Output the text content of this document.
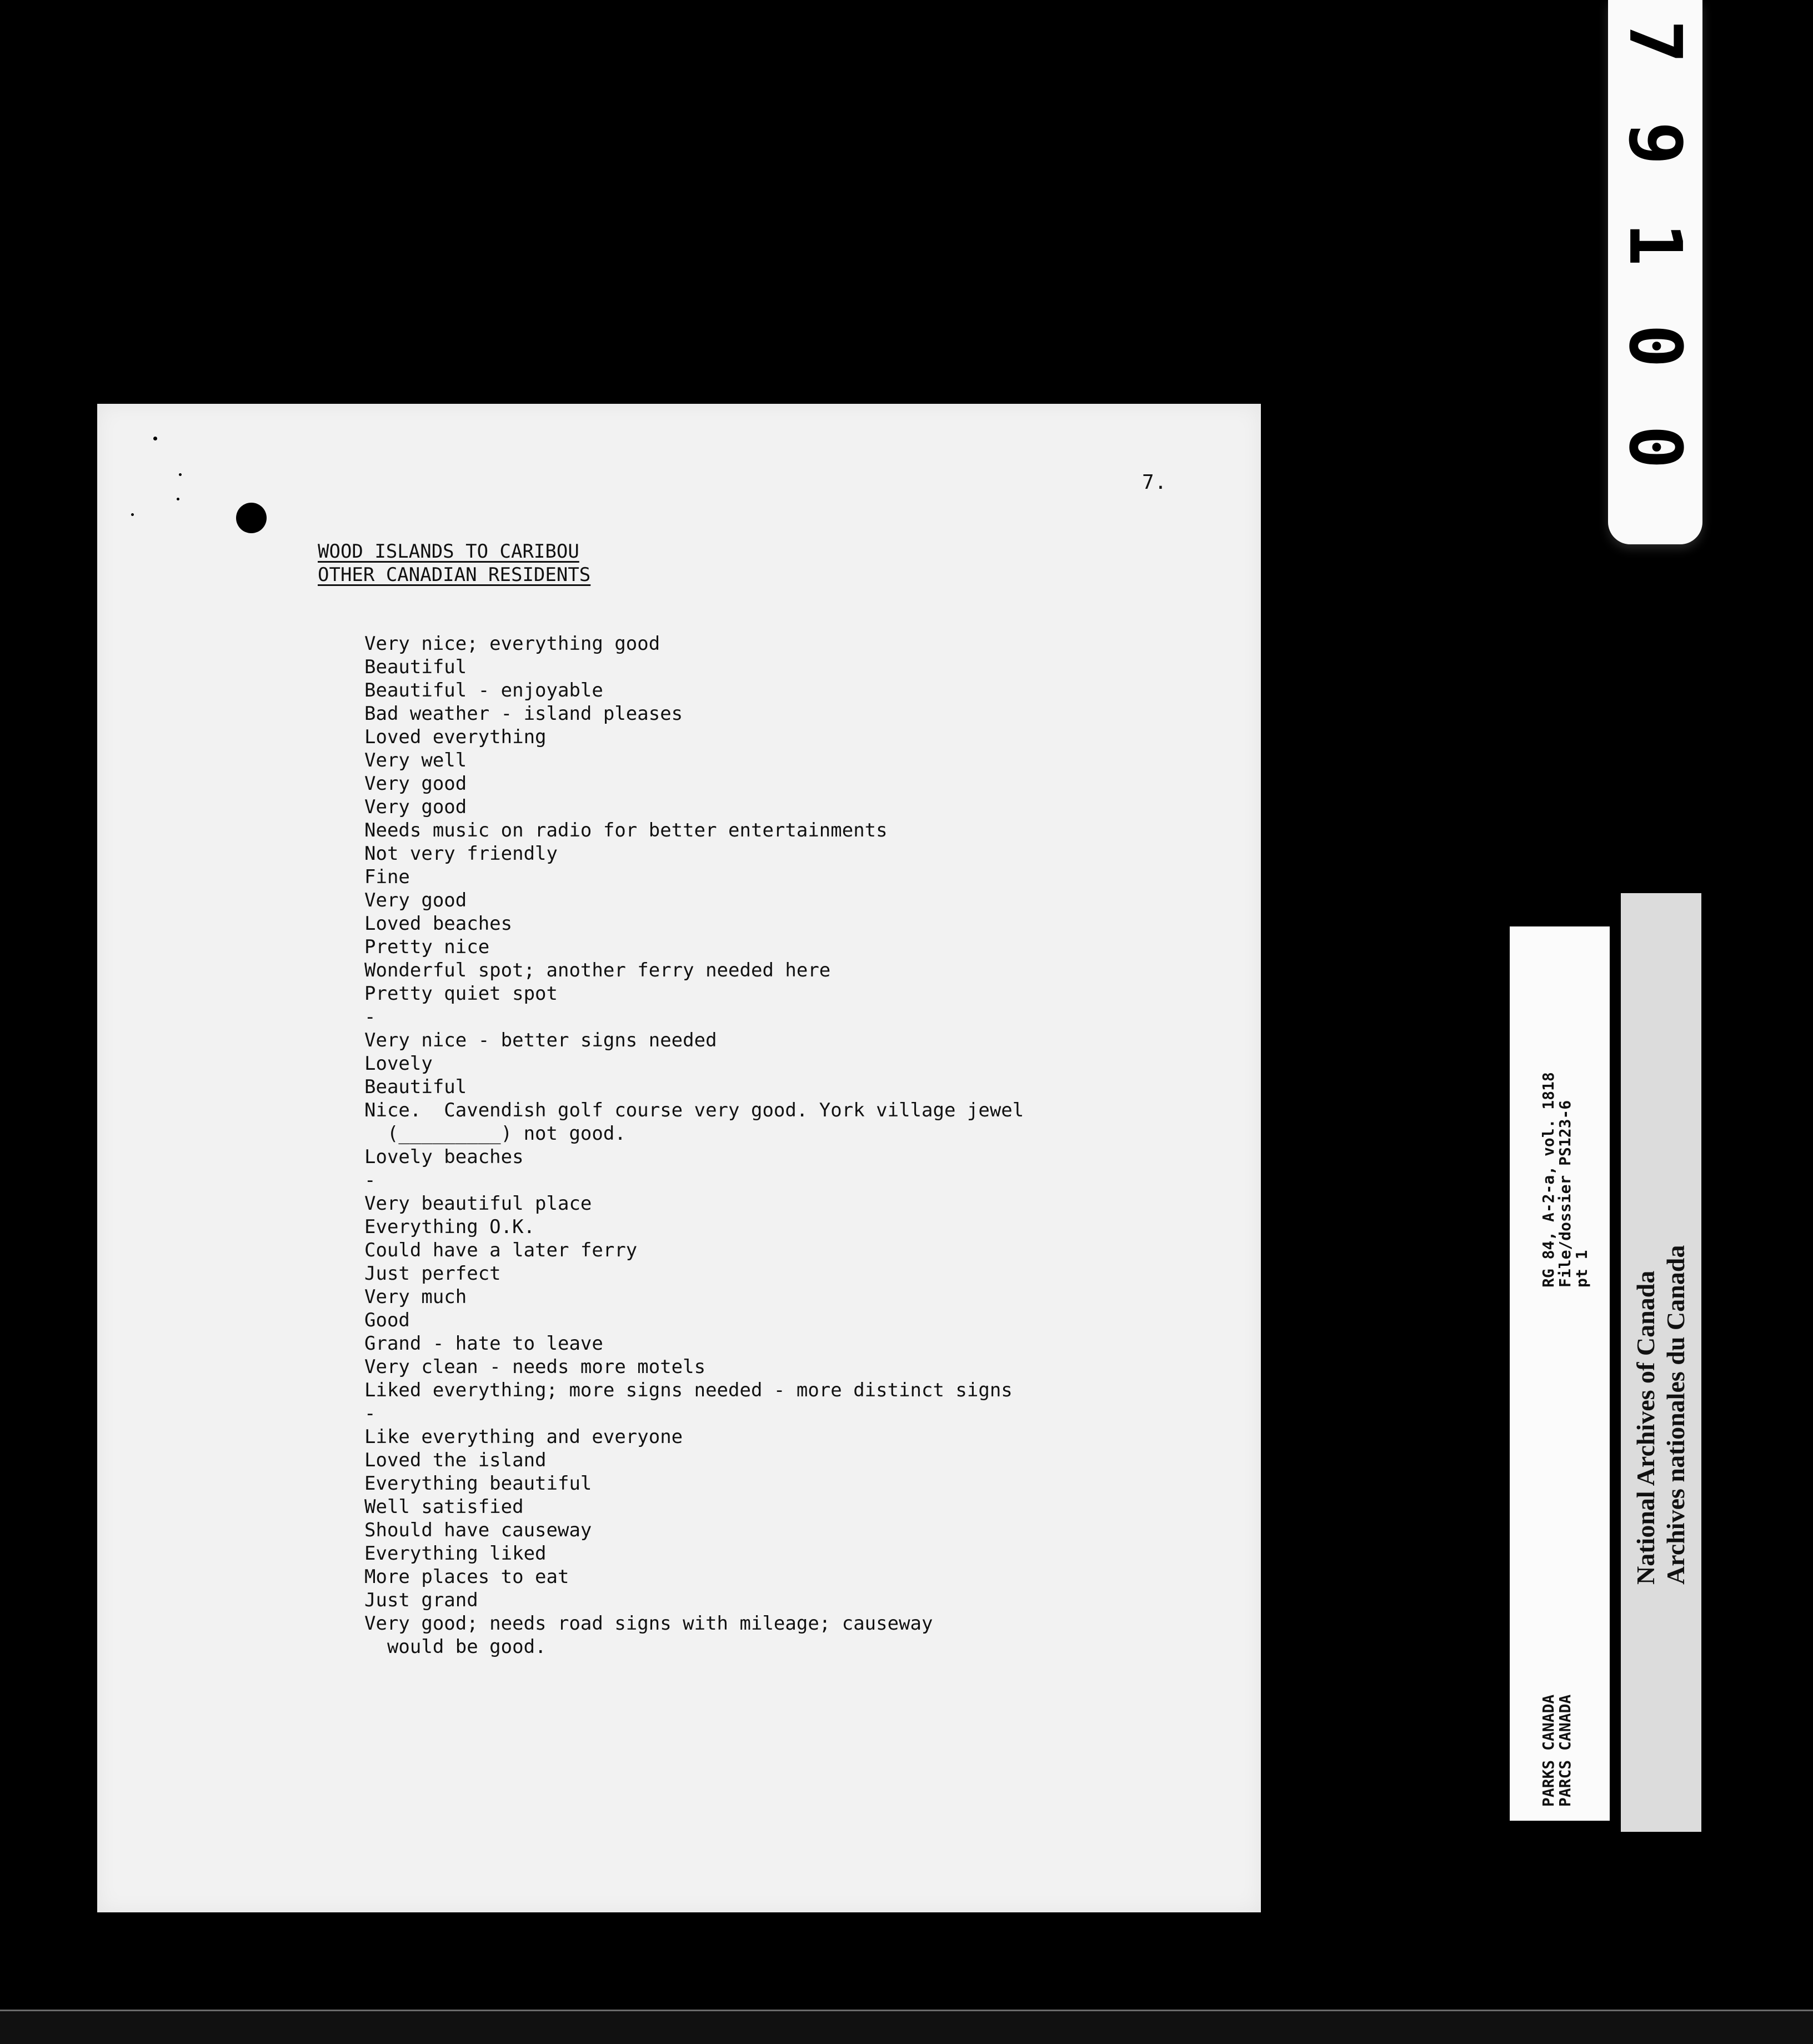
7.
WOOD ISLANDS TO CARIBOU
OTHER CANADIAN RESIDENTS
Very nice; everything good
Beautiful
Beautiful - enjoyable
Bad weather - island pleases
Loved everything
Very well
Very good
Very good
Needs music on radio for better entertainments
Not very friendly
Fine
Very good
Loved beaches
Pretty nice
Wonderful spot; another ferry needed here
Pretty quiet spot
-
Very nice - better signs needed
Lovely
Beautiful
Nice.  Cavendish golf course very good. York village jewel
(_________) not good.
Lovely beaches
-
Very beautiful place
Everything O.K.
Could have a later ferry
Just perfect
Very much
Good
Grand - hate to leave
Very clean - needs more motels
Liked everything; more signs needed - more distinct signs
-
Like everything and everyone
Loved the island
Everything beautiful
Well satisfied
Should have causeway
Everything liked
More places to eat
Just grand
Very good; needs road signs with mileage; causeway
would be good.
0
0
1
9
7
RG 84, A-2-a, vol. 1818
File/dossier PS123-6
pt 1
PARKS CANADA
PARCS CANADA
National Archives of Canada Archives nationales du Canada
